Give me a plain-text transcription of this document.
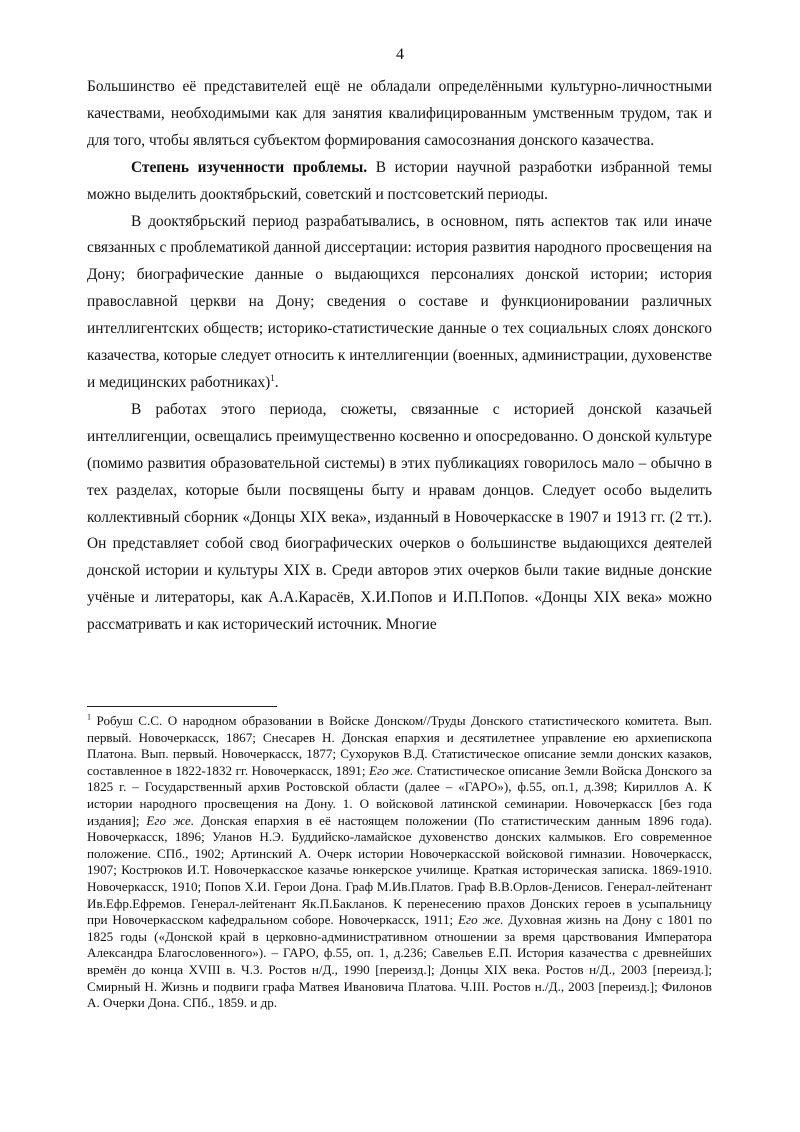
4

Большинство её представителей ещё не обладали определёнными культурно-личностными качествами, необходимыми как для занятия квалифицированным умственным трудом, так и для того, чтобы являться субъектом формирования самосознания донского казачества.

Степень изученности проблемы. В истории научной разработки избранной темы можно выделить дооктябрьский, советский и постсоветский периоды.

В дооктябрьский период разрабатывались, в основном, пять аспектов так или иначе связанных с проблематикой данной диссертации: история развития народного просвещения на Дону; биографические данные о выдающихся персоналиях донской истории; история православной церкви на Дону; сведения о составе и функционировании различных интеллигентских обществ; историко-статистические данные о тех социальных слоях донского казачества, которые следует относить к интеллигенции (военных, администрации, духовенстве и медицинских работниках)$^1$.

В работах этого периода, сюжеты, связанные с историей донской казачьей интеллигенции, освещались преимущественно косвенно и опосредованно. О донской культуре (помимо развития образовательной системы) в этих публикациях говорилось мало – обычно в тех разделах, которые были посвящены быту и нравам донцов. Следует особо выделить коллективный сборник «Донцы XIX века», изданный в Новочеркасске в 1907 и 1913 гг. (2 тт.). Он представляет собой свод биографических очерков о большинстве выдающихся деятелей донской истории и культуры XIX в. Среди авторов этих очерков были такие видные донские учёные и литераторы, как А.А.Карасёв, Х.И.Попов и И.П.Попов. «Донцы XIX века» можно рассматривать и как исторический источник. Многие

$^1$ Робуш С.С. О народном образовании в Войске Донском//Труды Донского статистического комитета. Вып. первый. Новочеркасск, 1867; Снесарев Н. Донская епархия и десятилетнее управление ею архиепископа Платона. Вып. первый. Новочеркасск, 1877; Сухоруков В.Д. Статистическое описание земли донских казаков, составленное в 1822-1832 гг. Новочеркасск, 1891; Его же. Статистическое описание Земли Войска Донского за 1825 г. – Государственный архив Ростовской области (далее – «ГАРО»), ф.55, оп.1, д.398; Кириллов А. К истории народного просвещения на Дону. 1. О войсковой латинской семинарии. Новочеркасск [без года издания]; Его же. Донская епархия в её настоящем положении (По статистическим данным 1896 года). Новочеркасск, 1896; Уланов Н.Э. Буддийско-ламайское духовенство донских калмыков. Его современное положение. СПб., 1902; Артинский А. Очерк истории Новочеркасской войсковой гимназии. Новочеркасск, 1907; Кострюков И.Т. Новочеркасское казачье юнкерское училище. Краткая историческая записка. 1869-1910. Новочеркасск, 1910; Попов Х.И. Герои Дона. Граф М.Ив.Платов. Граф В.В.Орлов-Денисов. Генерал-лейтенант Ив.Ефр.Ефремов. Генерал-лейтенант Як.П.Бакланов. К перенесению прахов Донских героев в усыпальницу при Новочеркасском кафедральном соборе. Новочеркасск, 1911; Его же. Духовная жизнь на Дону с 1801 по 1825 годы («Донской край в церковно-административном отношении за время царствования Императора Александра Благословенного»). – ГАРО, ф.55, оп. 1, д.236; Савельев Е.П. История казачества с древнейших времён до конца XVIII в. Ч.3. Ростов н/Д., 1990 [переизд.]; Донцы XIX века. Ростов н/Д., 2003 [переизд.]; Смирный Н. Жизнь и подвиги графа Матвея Ивановича Платова. Ч.III. Ростов н./Д., 2003 [переизд.]; Филонов А. Очерки Дона. СПб., 1859. и др.
